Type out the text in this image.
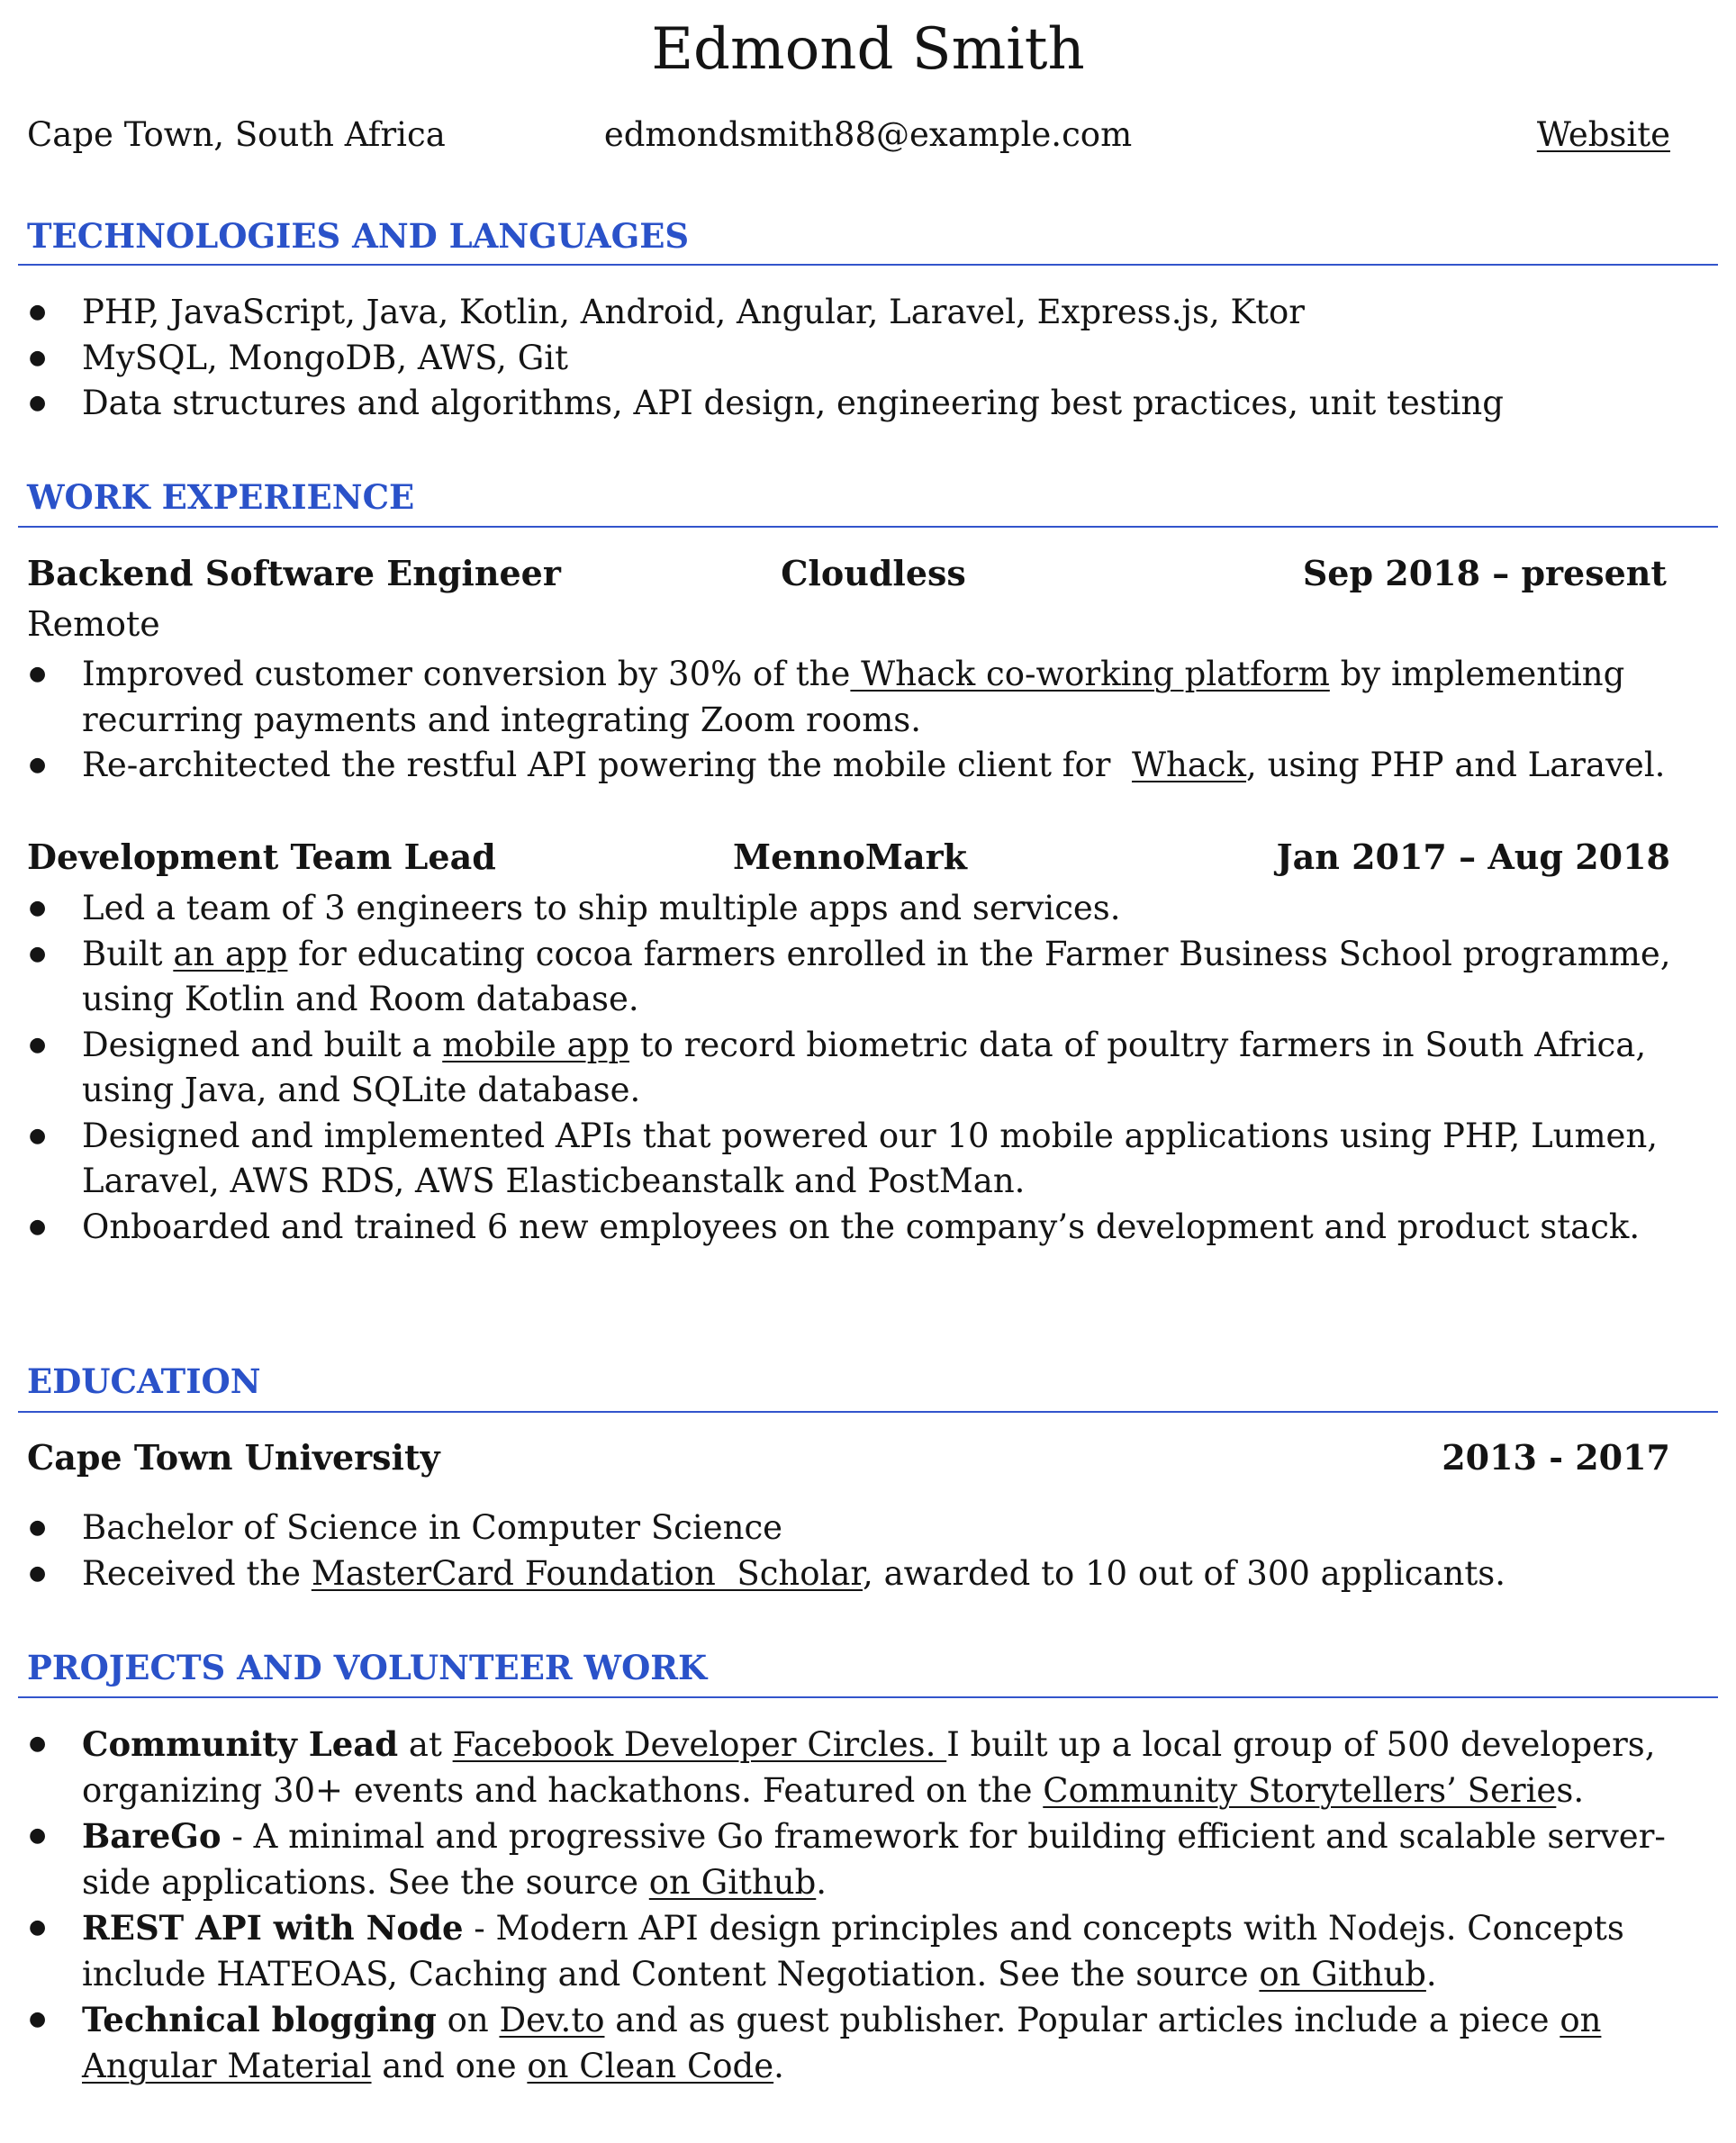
Edmond Smith
Cape Town, South Africa	edmondsmith88@example.com	Website
TECHNOLOGIES AND LANGUAGES
● PHP, JavaScript, Java, Kotlin, Android, Angular, Laravel, Express.js, Ktor
● MySQL, MongoDB, AWS, Git
● Data structures and algorithms, API design, engineering best practices, unit testing
WORK EXPERIENCE
Backend Software Engineer	Cloudless	Sep 2018 – present
Remote
● Improved customer conversion by 30% of the Whack co-working platform by implementing recurring payments and integrating Zoom rooms.
● Re-architected the restful API powering the mobile client for  Whack, using PHP and Laravel.
Development Team Lead	MennoMark	Jan 2017 – Aug 2018
● Led a team of 3 engineers to ship multiple apps and services.
● Built an app for educating cocoa farmers enrolled in the Farmer Business School programme, using Kotlin and Room database.
● Designed and built a mobile app to record biometric data of poultry farmers in South Africa, using Java, and SQLite database.
● Designed and implemented APIs that powered our 10 mobile applications using PHP, Lumen, Laravel, AWS RDS, AWS Elasticbeanstalk and PostMan.
● Onboarded and trained 6 new employees on the company’s development and product stack.
EDUCATION
Cape Town University	2013 - 2017
● Bachelor of Science in Computer Science
● Received the MasterCard Foundation  Scholar, awarded to 10 out of 300 applicants.
PROJECTS AND VOLUNTEER WORK
● Community Lead at Facebook Developer Circles. I built up a local group of 500 developers, organizing 30+ events and hackathons. Featured on the Community Storytellers’ Series.
● BareGo - A minimal and progressive Go framework for building efficient and scalable server-side applications. See the source on Github.
● REST API with Node - Modern API design principles and concepts with Nodejs. Concepts include HATEOAS, Caching and Content Negotiation. See the source on Github.
● Technical blogging on Dev.to and as guest publisher. Popular articles include a piece on Angular Material and one on Clean Code.
